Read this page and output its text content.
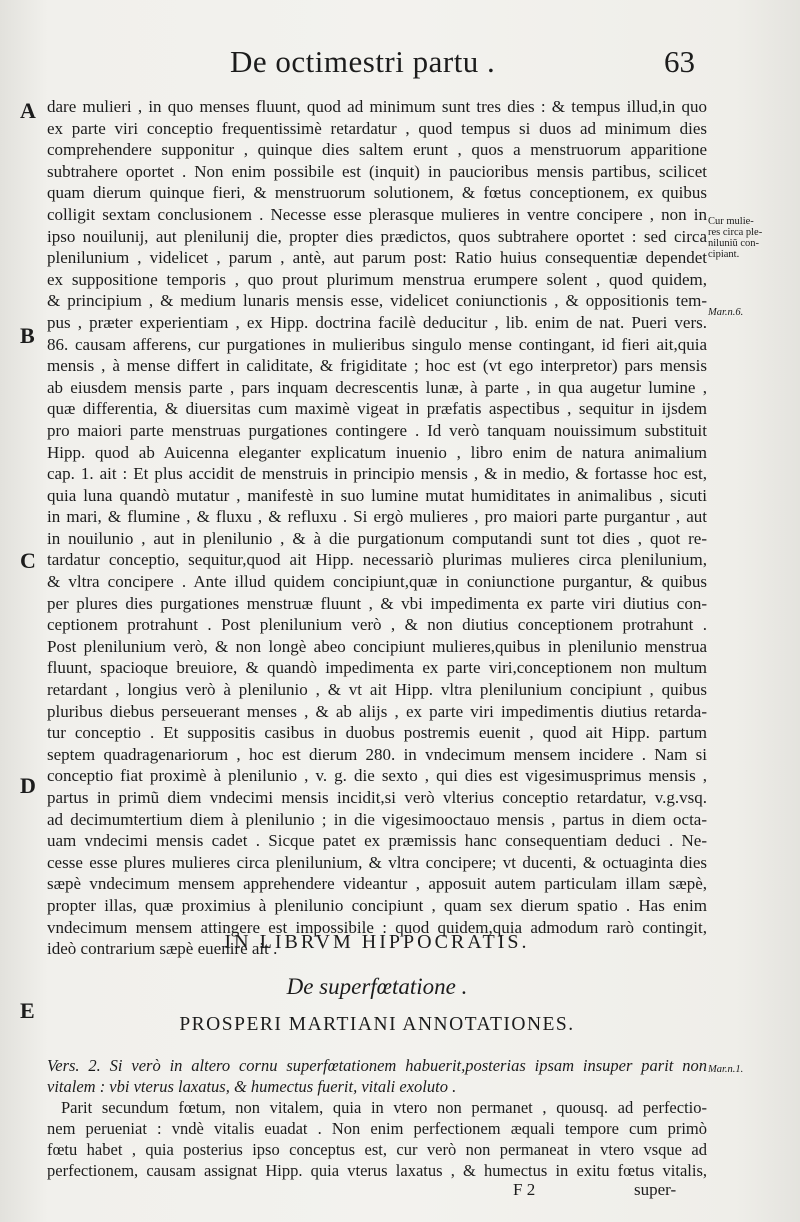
De octimestri partu .	63
A
B
C
D
E
dare mulieri , in quo menses fluunt, quod ad minimum sunt tres dies : & tempus illud,in quo
ex parte viri conceptio frequentissimè retardatur , quod tempus si duos ad minimum dies
comprehendere supponitur , quinque dies saltem erunt , quos a menstruorum apparitione
subtrahere oportet . Non enim possibile est (inquit) in paucioribus mensis partibus, scilicet
quam dierum quinque fieri, & menstruorum solutionem, & fœtus conceptionem, ex quibus
colligit sextam conclusionem . Necesse esse plerasque mulieres in ventre concipere , non in
ipso nouilunij, aut plenilunij die, propter dies prædictos, quos subtrahere oportet : sed circa
plenilunium , videlicet , parum , antè, aut parum post: Ratio huius consequentiæ dependet
ex suppositione temporis , quo prout plurimum menstrua erumpere solent , quod quidem,
& principium , & medium lunaris mensis esse, videlicet coniunctionis , & oppositionis tem-
pus , præter experientiam , ex Hipp. doctrina facilè deducitur , lib. enim de nat. Pueri vers.
86. causam afferens, cur purgationes in mulieribus singulo mense contingant, id fieri ait,quia
mensis , à mense differt in caliditate, & frigiditate ; hoc est (vt ego interpretor) pars mensis
ab eiusdem mensis parte , pars inquam decrescentis lunæ, à parte , in qua augetur lumine ,
quæ differentia, & diuersitas cum maximè vigeat in præfatis aspectibus , sequitur in ijsdem
pro maiori parte menstruas purgationes contingere . Id verò tanquam nouissimum substituit
Hipp. quod ab Auicenna eleganter explicatum inuenio , libro enim de natura animalium
cap. 1. ait : Et plus accidit de menstruis in principio mensis , & in medio, & fortasse hoc est,
quia luna quandò mutatur , manifestè in suo lumine mutat humiditates in animalibus , sicuti
in mari, & flumine , & fluxu , & refluxu . Si ergò mulieres , pro maiori parte purgantur , aut
in nouilunio , aut in plenilunio , & à die purgationum computandi sunt tot dies , quot re-
tardatur conceptio, sequitur,quod ait Hipp. necessariò plurimas mulieres circa plenilunium,
& vltra concipere . Ante illud quidem concipiunt,quæ in coniunctione purgantur, & quibus
per plures dies purgationes menstruæ fluunt , & vbi impedimenta ex parte viri diutius con-
ceptionem protrahunt . Post plenilunium verò , & non diutius conceptionem protrahunt .
Post plenilunium verò, & non longè abeo concipiunt mulieres,quibus in plenilunio menstrua
fluunt, spacioque breuiore, & quandò impedimenta ex parte viri,conceptionem non multum
retardant , longius verò à plenilunio , & vt ait Hipp. vltra plenilunium concipiunt , quibus
pluribus diebus perseuerant menses , & ab alijs , ex parte viri impedimentis diutius retarda-
tur conceptio . Et suppositis casibus in duobus postremis euenit , quod ait Hipp. partum
septem quadragenariorum , hoc est dierum 280. in vndecimum mensem incidere . Nam si
conceptio fiat proximè à plenilunio , v. g. die sexto , qui dies est vigesimusprimus mensis ,
partus in primũ diem vndecimi mensis incidit,si verò vlterius conceptio retardatur, v.g.vsq.
ad decimumtertium diem à plenilunio ; in die vigesimooctauo mensis , partus in diem octa-
uam vndecimi mensis cadet . Sicque patet ex præmissis hanc consequentiam deduci . Ne-
cesse esse plures mulieres circa plenilunium, & vltra concipere; vt ducenti, & octuaginta dies
sæpè vndecimum mensem apprehendere videantur , apposuit autem particulam illam sæpè,
propter illas, quæ proximius à plenilunio concipiunt , quam sex dierum spatio . Has enim
vndecimum mensem attingere est impossibile : quod quidem,quia admodum rarò contingit,
ideò contrarium sæpè euenire ait .
IN LIBRVM HIPPOCRATIS.
De superfœtatione .
PROSPERI MARTIANI ANNOTATIONES.
Vers. 2. Si verò in altero cornu superfœtationem habuerit,posterias ipsam insuper parit non
vitalem : vbi vterus laxatus, & humectus fuerit, vitali exoluto .
Parit secundum fœtum, non vitalem, quia in vtero non permanet , quousq. ad perfectio-
nem perueniat : vndè vitalis euadat . Non enim perfectionem æquali tempore cum primò
fœtu habet , quia posterius ipso conceptus est, cur verò non permaneat in vtero vsque ad
perfectionem, causam assignat Hipp. quia vterus laxatus , & humectus in exitu fœtus vitalis,
Cur mulie-
res circa ple-
niluniũ con-
cipiant.
Mar.n.6.
Mar.n.1.
F 2	super-
